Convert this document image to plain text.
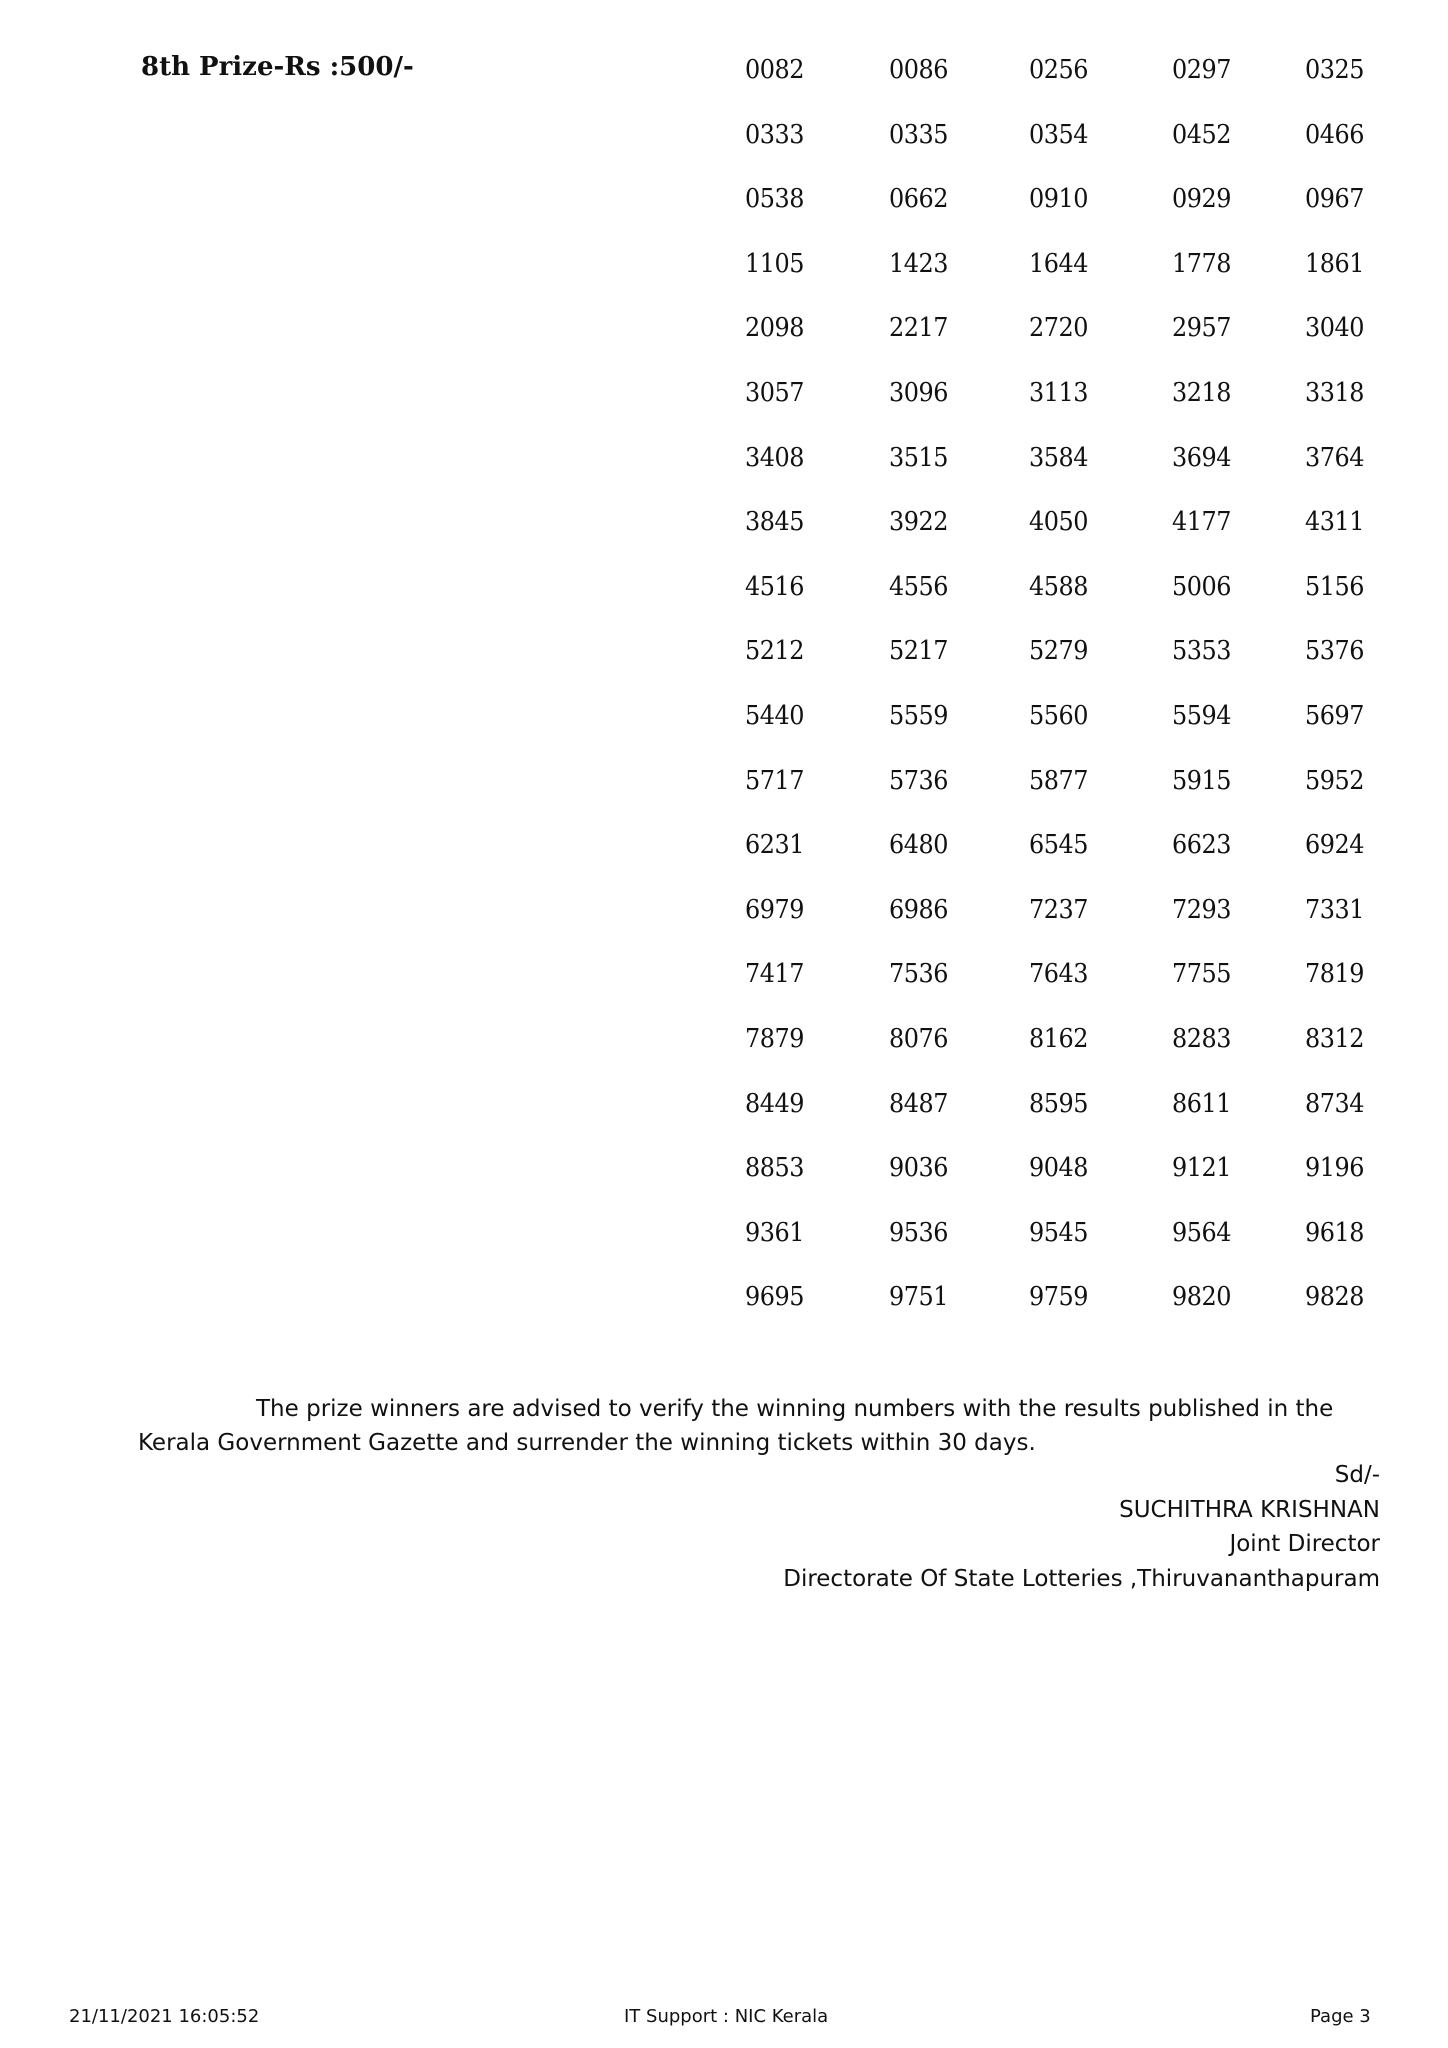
8th Prize-Rs :500/-	0082	0086	0256	0297	0325
0333	0335	0354	0452	0466
0538	0662	0910	0929	0967
1105	1423	1644	1778	1861
2098	2217	2720	2957	3040
3057	3096	3113	3218	3318
3408	3515	3584	3694	3764
3845	3922	4050	4177	4311
4516	4556	4588	5006	5156
5212	5217	5279	5353	5376
5440	5559	5560	5594	5697
5717	5736	5877	5915	5952
6231	6480	6545	6623	6924
6979	6986	7237	7293	7331
7417	7536	7643	7755	7819
7879	8076	8162	8283	8312
8449	8487	8595	8611	8734
8853	9036	9048	9121	9196
9361	9536	9545	9564	9618
9695	9751	9759	9820	9828
The prize winners are advised to verify the winning numbers with the results published in the Kerala Government Gazette and surrender the winning tickets within 30 days.
Sd/-
SUCHITHRA KRISHNAN
Joint Director
Directorate Of State Lotteries ,Thiruvananthapuram
21/11/2021 16:05:52	IT Support : NIC Kerala	Page 3
